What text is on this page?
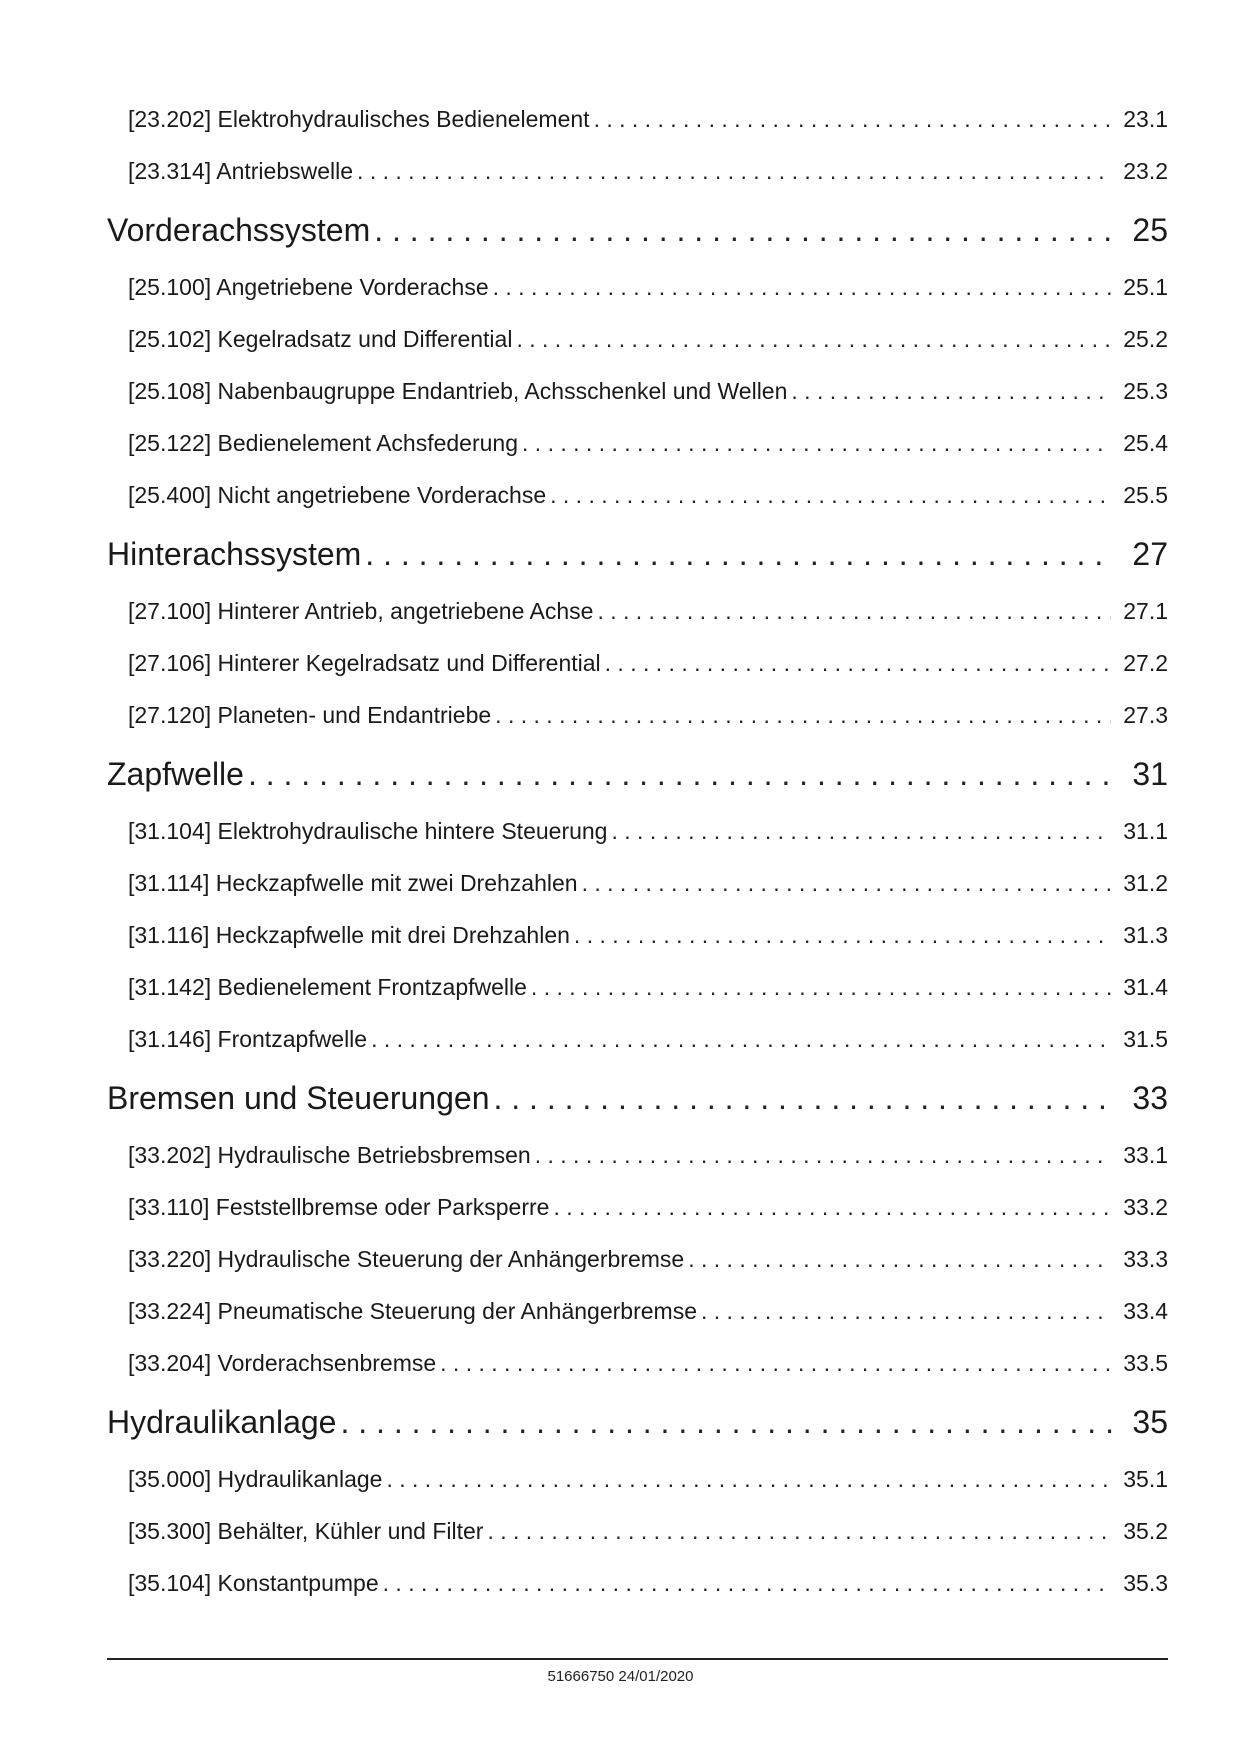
[23.202] Elektrohydraulisches Bedienelement . . .	23.1
[23.314] Antriebswelle . . .	23.2
Vorderachssystem . . .	25
[25.100] Angetriebene Vorderachse . . .	25.1
[25.102] Kegelradsatz und Differential . . .	25.2
[25.108] Nabenbaugruppe Endantrieb, Achsschenkel und Wellen . . .	25.3
[25.122] Bedienelement Achsfederung . . .	25.4
[25.400] Nicht angetriebene Vorderachse . . .	25.5
Hinterachssystem . . .	27
[27.100] Hinterer Antrieb, angetriebene Achse . . .	27.1
[27.106] Hinterer Kegelradsatz und Differential . . .	27.2
[27.120] Planeten- und Endantriebe . . .	27.3
Zapfwelle . . .	31
[31.104] Elektrohydraulische hintere Steuerung . . .	31.1
[31.114] Heckzapfwelle mit zwei Drehzahlen . . .	31.2
[31.116] Heckzapfwelle mit drei Drehzahlen . . .	31.3
[31.142] Bedienelement Frontzapfwelle . . .	31.4
[31.146] Frontzapfwelle . . .	31.5
Bremsen und Steuerungen . . .	33
[33.202] Hydraulische Betriebsbremsen . . .	33.1
[33.110] Feststellbremse oder Parksperre . . .	33.2
[33.220] Hydraulische Steuerung der Anhängerbremse . . .	33.3
[33.224] Pneumatische Steuerung der Anhängerbremse . . .	33.4
[33.204] Vorderachsenbremse . . .	33.5
Hydraulikanlage . . .	35
[35.000] Hydraulikanlage . . .	35.1
[35.300] Behälter, Kühler und Filter . . .	35.2
[35.104] Konstantpumpe . . .	35.3
51666750 24/01/2020
